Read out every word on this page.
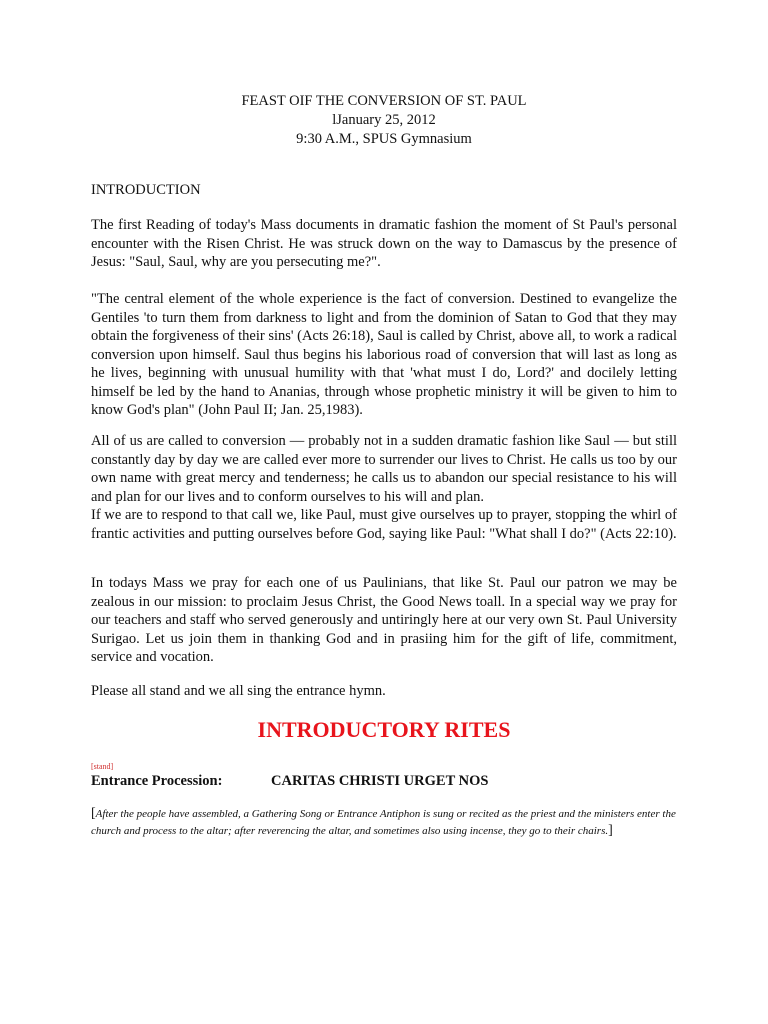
FEAST OIF THE CONVERSION OF ST. PAUL
lJanuary 25, 2012
9:30 A.M., SPUS Gymnasium
INTRODUCTION

The first Reading of today's Mass documents in dramatic fashion the moment of St Paul's personal encounter with the Risen Christ. He was struck down on the way to Damascus by the presence of Jesus: "Saul, Saul, why are you persecuting me?".

"The central element of the whole experience is the fact of conversion. Destined to evangelize the Gentiles 'to turn them from darkness to light and from the dominion of Satan to God that they may obtain the forgiveness of their sins' (Acts 26:18), Saul is called by Christ, above all, to work a radical conversion upon himself. Saul thus begins his laborious road of conversion that will last as long as he lives, beginning with unusual humility with that 'what must I do, Lord?' and docilely letting himself be led by the hand to Ananias, through whose prophetic ministry it will be given to him to know God's plan" (John Paul II; Jan. 25,1983).

All of us are called to conversion — probably not in a sudden dramatic fashion like Saul — but still constantly day by day we are called ever more to surrender our lives to Christ. He calls us too by our own name with great mercy and tenderness; he calls us to abandon our special resistance to his will and plan for our lives and to conform ourselves to his will and plan.
If we are to respond to that call we, like Paul, must give ourselves up to prayer, stopping the whirl of frantic activities and putting ourselves before God, saying like Paul: "What shall I do?" (Acts 22:10).

In todays Mass we pray for each one of us Paulinians, that like St. Paul our patron we may be zealous in our mission: to proclaim Jesus Christ, the Good News toall. In a special way we pray for our teachers and staff who served generously and untiringly here at our very own St. Paul University Surigao. Let us join them in thanking God and in prasiing him for the gift of life, commitment, service and vocation.

Please all stand and we all sing the entrance hymn.

INTRODUCTORY RITES
[stand]
Entrance Procession:	CARITAS CHRISTI URGET NOS
[After the people have assembled, a Gathering Song or Entrance Antiphon is sung or recited as the priest and the ministers enter the church and process to the altar; after reverencing the altar, and sometimes also using incense, they go to their chairs.]
